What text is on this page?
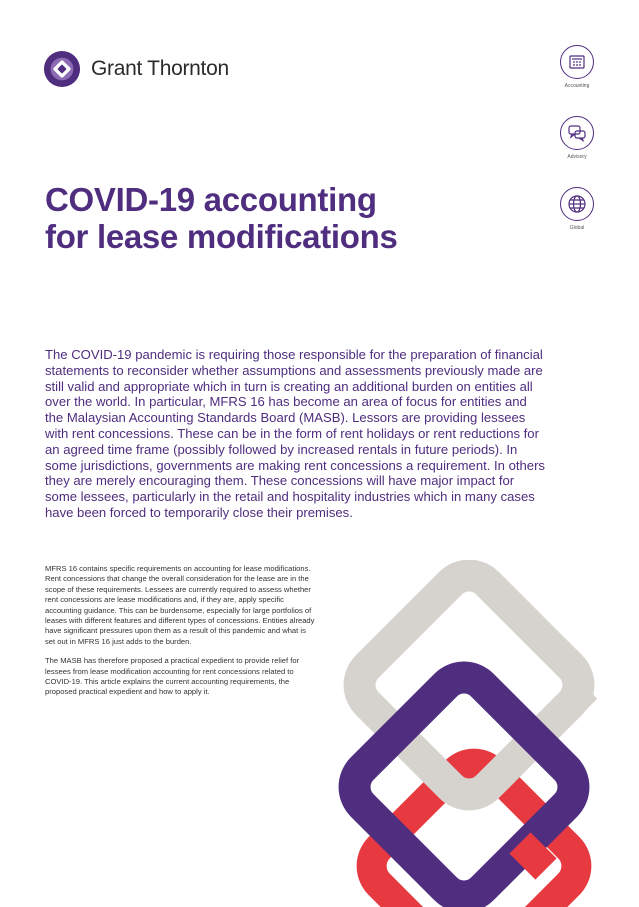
Grant Thornton
Accounting
Advisory
Global
COVID-19 accounting
for lease modifications

The COVID-19 pandemic is requiring those responsible for the preparation of financial statements to reconsider whether assumptions and assessments previously made are still valid and appropriate which in turn is creating an additional burden on entities all over the world. In particular, MFRS 16 has become an area of focus for entities and the Malaysian Accounting Standards Board (MASB). Lessors are providing lessees with rent concessions. These can be in the form of rent holidays or rent reductions for an agreed time frame (possibly followed by increased rentals in future periods). In some jurisdictions, governments are making rent concessions a requirement. In others they are merely encouraging them. These concessions will have major impact for some lessees, particularly in the retail and hospitality industries which in many cases have been forced to temporarily close their premises.

MFRS 16 contains specific requirements on accounting for lease modifications. Rent concessions that change the overall consideration for the lease are in the scope of these requirements. Lessees are currently required to assess whether rent concessions are lease modifications and, if they are, apply specific accounting guidance. This can be burdensome, especially for large portfolios of leases with different features and different types of concessions. Entities already have significant pressures upon them as a result of this pandemic and what is set out in MFRS 16 just adds to the burden.

The MASB has therefore proposed a practical expedient to provide relief for lessees from lease modification accounting for rent concessions related to COVID-19. This article explains the current accounting requirements, the proposed practical expedient and how to apply it.
